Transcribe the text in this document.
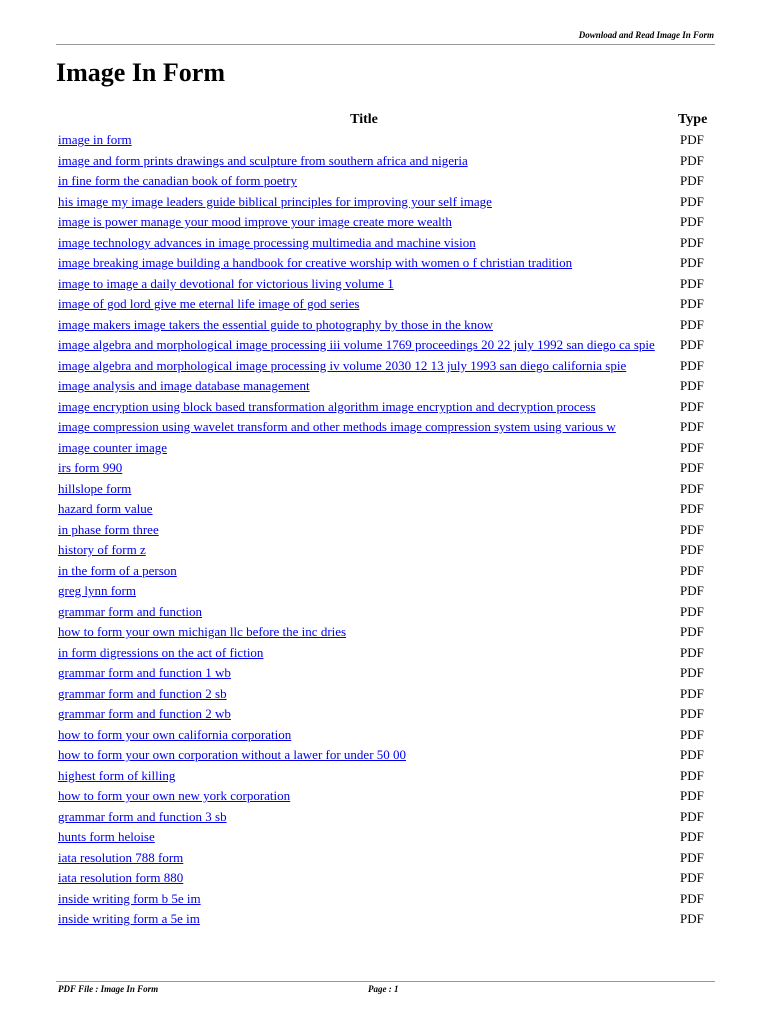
Download and Read Image In Form
Image In Form
Title	Type
image in form	PDF
image and form prints drawings and sculpture from southern africa and nigeria	PDF
in fine form the canadian book of form poetry	PDF
his image my image leaders guide biblical principles for improving your self image	PDF
image is power manage your mood improve your image create more wealth	PDF
image technology advances in image processing multimedia and machine vision	PDF
image breaking image building a handbook for creative worship with women o f christian tradition	PDF
image to image a daily devotional for victorious living volume 1	PDF
image of god lord give me eternal life image of god series	PDF
image makers image takers the essential guide to photography by those in the know	PDF
image algebra and morphological image processing iii volume 1769 proceedings 20 22 july 1992 san diego ca spie	PDF
image algebra and morphological image processing iv volume 2030 12 13 july 1993 san diego california spie	PDF
image analysis and image database management	PDF
image encryption using block based transformation algorithm image encryption and decryption process	PDF
image compression using wavelet transform and other methods image compression system using various w	PDF
image counter image	PDF
irs form 990	PDF
hillslope form	PDF
hazard form value	PDF
in phase form three	PDF
history of form z	PDF
in the form of a person	PDF
greg lynn form	PDF
grammar form and function	PDF
how to form your own michigan llc before the inc dries	PDF
in form digressions on the act of fiction	PDF
grammar form and function 1 wb	PDF
grammar form and function 2 sb	PDF
grammar form and function 2 wb	PDF
how to form your own california corporation	PDF
how to form your own corporation without a lawer for under 50 00	PDF
highest form of killing	PDF
how to form your own new york corporation	PDF
grammar form and function 3 sb	PDF
hunts form heloise	PDF
iata resolution 788 form	PDF
iata resolution form 880	PDF
inside writing form b 5e im	PDF
inside writing form a 5e im	PDF
PDF File : Image In Form	Page : 1
